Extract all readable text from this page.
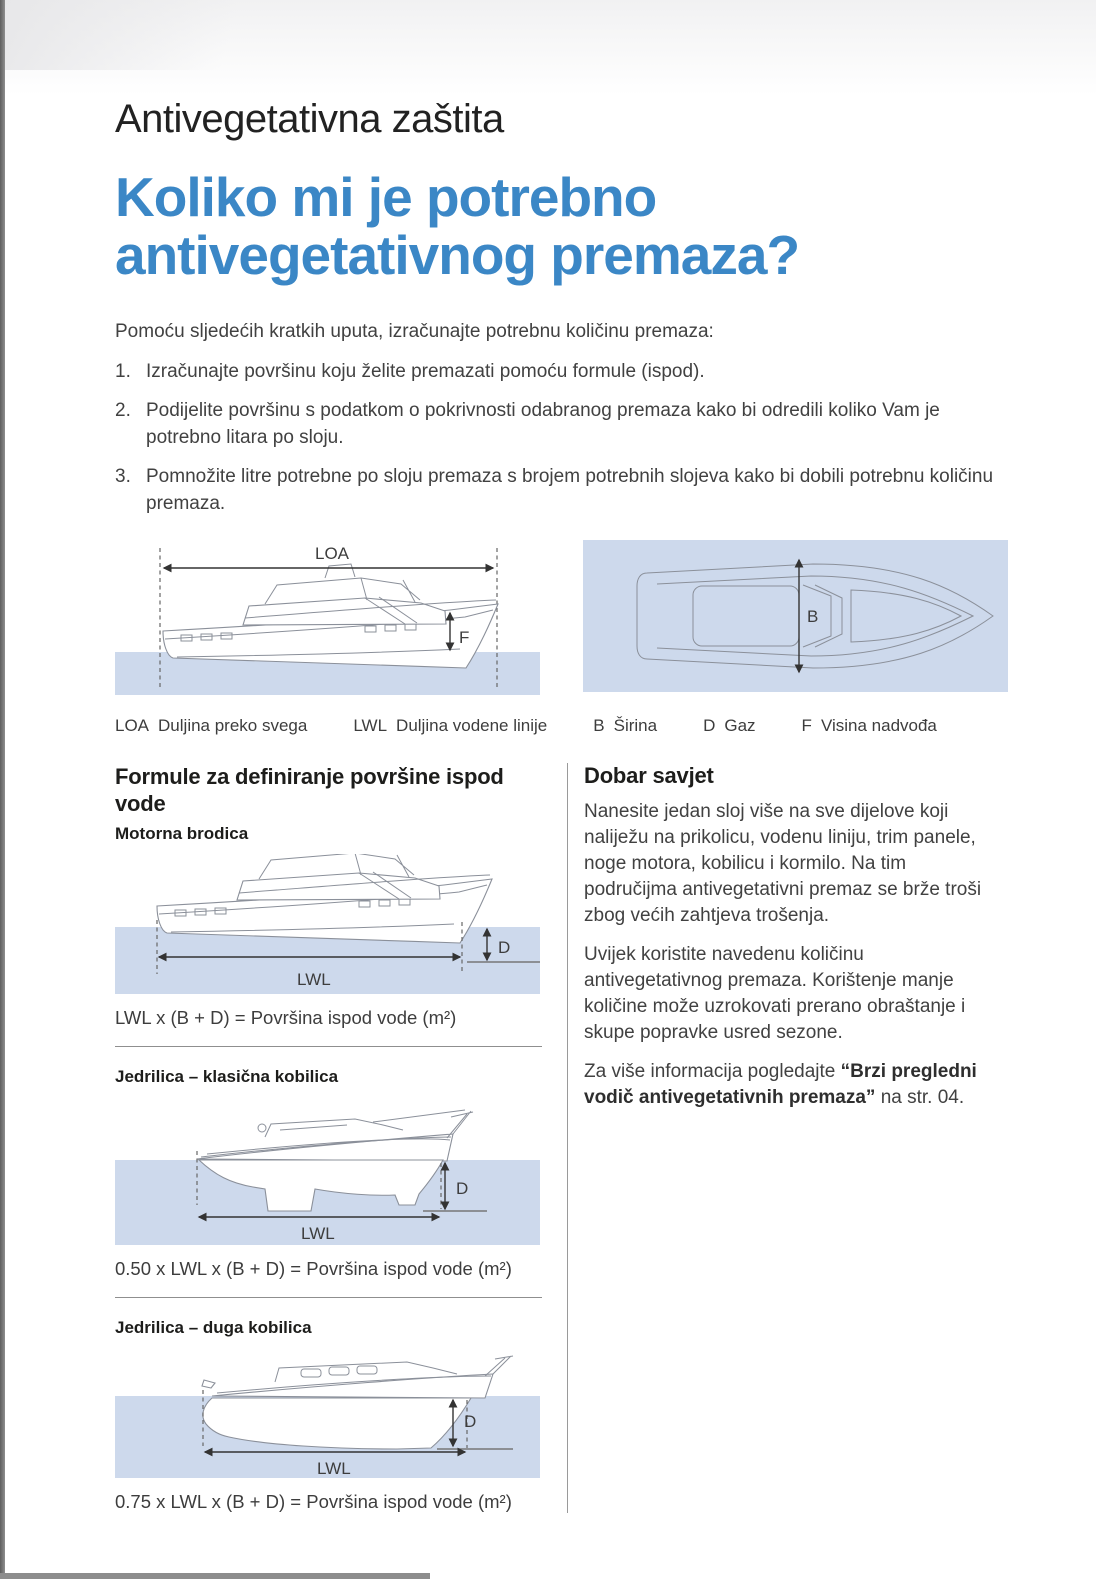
Antivegetativna zaštita
Koliko mi je potrebno
antivegetativnog premaza?

Pomoću sljedećih kratkih uputa, izračunajte potrebnu količinu premaza:

1. Izračunajte površinu koju želite premazati pomoću formule (ispod).
2. Podijelite površinu s podatkom o pokrivnosti odabranog premaza kako bi odredili koliko Vam je potrebno litara po sloju.
3. Pomnožite litre potrebne po sloju premaza s brojem potrebnih slojeva kako bi dobili potrebnu količinu premaza.
LOA
F
B
LOA Duljina preko svega	LWL Duljina vodene linije	B Širina	D Gaz	F Visina nadvođa
Formule za definiranje površine ispod vode
Motorna brodica
LWL
D

LWL x (B + D) = Površina ispod vode (m²)

Jedrilica – klasična kobilica
D
LWL

0.50 x LWL x (B + D) = Površina ispod vode (m²)

Jedrilica – duga kobilica
D
LWL

0.75 x LWL x (B + D) = Površina ispod vode (m²)

Dobar savjet

Nanesite jedan sloj više na sve dijelove koji naliježu na prikolicu, vodenu liniju, trim panele, noge motora, kobilicu i kormilo. Na tim područijma antivegetativni premaz se brže troši zbog većih zahtjeva trošenja.

Uvijek koristite navedenu količinu antivegetativnog premaza. Korištenje manje količine može uzrokovati prerano obraštanje i skupe popravke usred sezone.

Za više informacija pogledajte “Brzi pregledni vodič antivegetativnih premaza” na str. 04.
